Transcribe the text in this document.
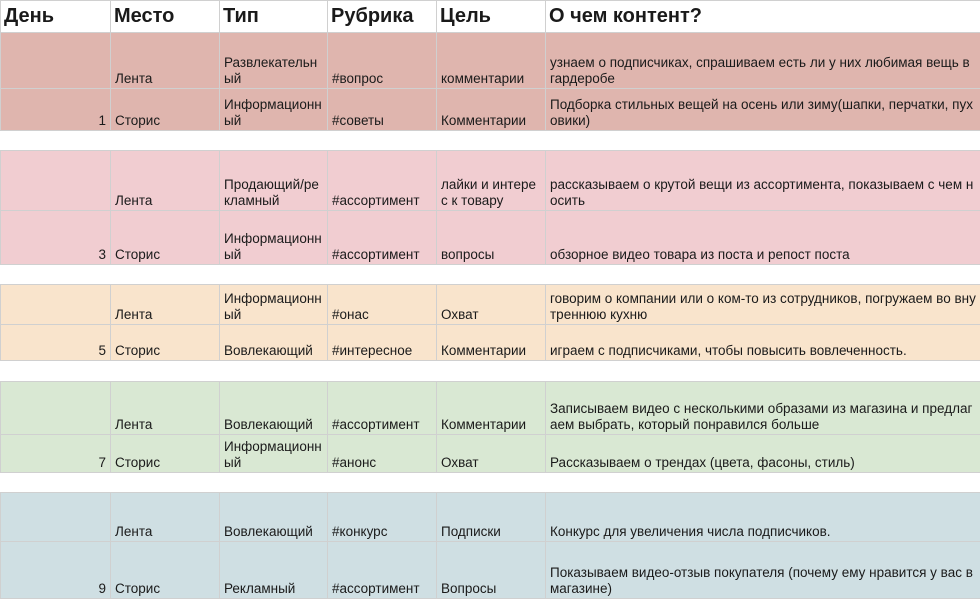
День	Место	Тип	Рубрика	Цель	О чем контент?
	Лента	Развлекательный	#вопрос	комментарии	узнаем о подписчиках, спрашиваем есть ли у них любимая вещь в гардеробе
1	Сторис	Информационный	#советы	Комментарии	Подборка стильных вещей на осень или зиму(шапки, перчатки, пуховики)

	Лента	Продающий/рекламный	#ассортимент	лайки и интерес к товару	рассказываем о крутой вещи из ассортимента, показываем с чем носить
3	Сторис	Информационный	#ассортимент	вопросы	обзорное видео товара из поста и репост поста

	Лента	Информационный	#онас	Охват	говорим о компании или о ком-то из сотрудников, погружаем во внутреннюю кухню
5	Сторис	Вовлекающий	#интересное	Комментарии	играем с подписчиками, чтобы повысить вовлеченность.

	Лента	Вовлекающий	#ассортимент	Комментарии	Записываем видео с несколькими образами из магазина и предлагаем выбрать, который понравился больше
7	Сторис	Информационный	#анонс	Охват	Рассказываем о трендах (цвета, фасоны, стиль)

	Лента	Вовлекающий	#конкурс	Подписки	Конкурс для увеличения числа подписчиков.
9	Сторис	Рекламный	#ассортимент	Вопросы	Показываем видео-отзыв покупателя (почему ему нравится у вас в магазине)
